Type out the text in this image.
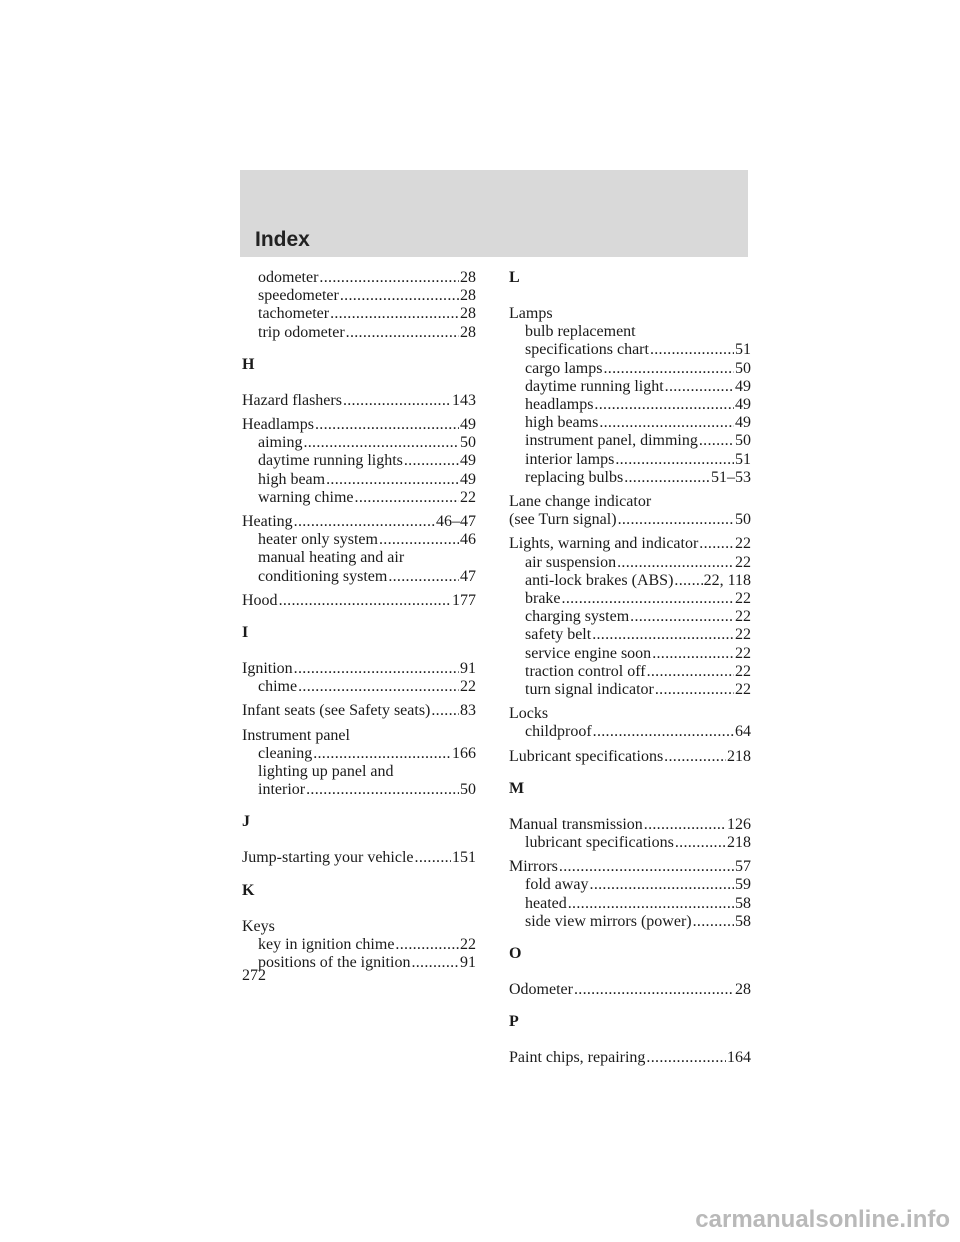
Index
odometer .....	28
speedometer .....	28
tachometer .....	28
trip odometer .....	28
H
Hazard flashers .....	143
Headlamps .....	49
aiming .....	50
daytime running lights .....	49
high beam .....	49
warning chime .....	22
Heating .....	46–47
heater only system .....	46
manual heating and air
conditioning system .....	47
Hood .....	177
I
Ignition .....	91
chime .....	22
Infant seats (see Safety seats) ..... 83
Instrument panel
cleaning .....	166
lighting up panel and
interior .....	50
J
Jump-starting your vehicle ..... 151
K
Keys
key in ignition chime .....	22
positions of the ignition .....	91
L
Lamps
bulb replacement
specifications chart .....	51
cargo lamps .....	50
daytime running light .....	49
headlamps .....	49
high beams .....	49
instrument panel, dimming ..... 50
interior lamps .....	51
replacing bulbs .....	51–53
Lane change indicator
(see Turn signal) .....	50
Lights, warning and indicator ..... 22
air suspension .....	22
anti-lock brakes (ABS) ..... 22, 118
brake .....	22
charging system .....	22
safety belt .....	22
service engine soon .....	22
traction control off .....	22
turn signal indicator .....	22
Locks
childproof .....	64
Lubricant specifications .....	218
M
Manual transmission .....	126
lubricant specifications .....	218
Mirrors .....	57
fold away .....	59
heated .....	58
side view mirrors (power) .....	58
O
Odometer .....	28
P
Paint chips, repairing .....	164
272
carmanualsonline.info
